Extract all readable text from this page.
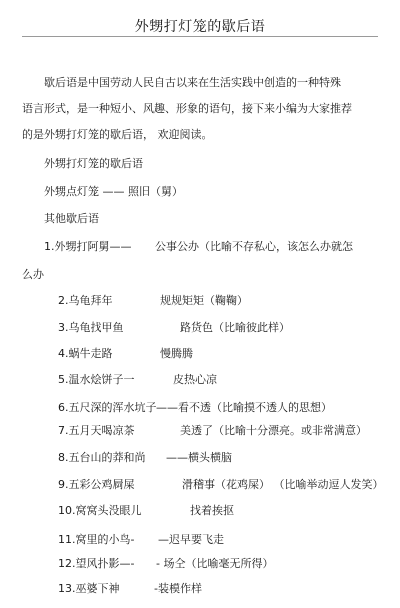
外甥打灯笼的歇后语
歇后语是中国劳动人民自古以来在生活实践中创造的一种特殊
语言形式，是一种短小、风趣、形象的语句，接下来小编为大家推荐
的是外甥打灯笼的歇后语， 欢迎阅读。
外甥打灯笼的歇后语
外甥点灯笼 —— 照旧（舅）
其他歇后语
1.外甥打阿舅—— 公事公办（比喻不存私心，该怎么办就怎
么办
2.乌龟拜年	规规矩矩（鞠鞠）
3.乌龟找甲鱼	路货色（比喻彼此样）
4.蜗牛走路	慢腾腾
5.温水烩饼子一	皮热心凉
6.五尺深的浑水坑子 ——看不透（比喻摸不透人的思想）
7.五月天喝凉茶	美透了（比喻十分漂亮。或非常满意）
8.五台山的莽和尚 ——横头横脑
9.五彩公鸡屙屎	滑稽事（花鸡屎） （比喻举动逗人发笑）
10.窝窝头没眼儿	找着挨抠
11.窝里的小鸟- —迟早要飞走
12.望风扑影—- - 场仝（比喻毫无所得）
13.巫婆下神	-装模作样
